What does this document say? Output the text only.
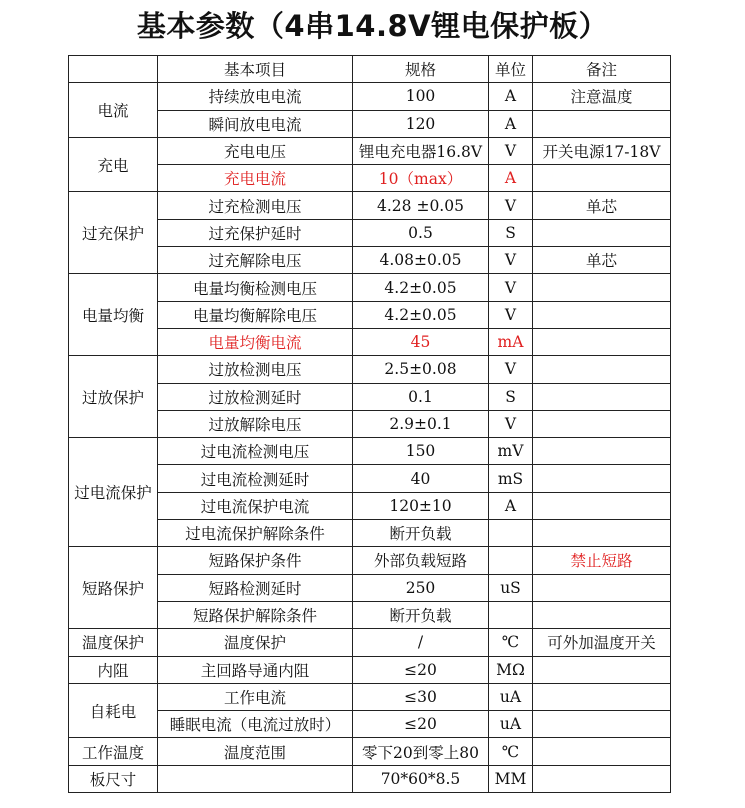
基本参数（4串14.8V锂电保护板）
	基本项目	规格	单位	备注
电流	持续放电电流	100	A	注意温度
	瞬间放电电流	120	A	
充电	充电电压	锂电充电器16.8V	V	开关电源17-18V
	充电电流	10（max）	A	
过充保护	过充检测电压	4.28 ±0.05	V	单芯
	过充保护延时	0.5	S	
	过充解除电压	4.08±0.05	V	单芯
电量均衡	电量均衡检测电压	4.2±0.05	V	
	电量均衡解除电压	4.2±0.05	V	
	电量均衡电流	45	mA	
过放保护	过放检测电压	2.5±0.08	V	
	过放检测延时	0.1	S	
	过放解除电压	2.9±0.1	V	
过电流保护	过电流检测电压	150	mV	
	过电流检测延时	40	mS	
	过电流保护电流	120±10	A	
	过电流保护解除条件	断开负载		
短路保护	短路保护条件	外部负载短路		禁止短路
	短路检测延时	250	uS	
	短路保护解除条件	断开负载		
温度保护	温度保护	/	℃	可外加温度开关
内阻	主回路导通内阻	≤20	MΩ	
自耗电	工作电流	≤30	uA	
	睡眠电流（电流过放时）	≤20	uA	
工作温度	温度范围	零下20到零上80	℃	
板尺寸		70*60*8.5	MM	
